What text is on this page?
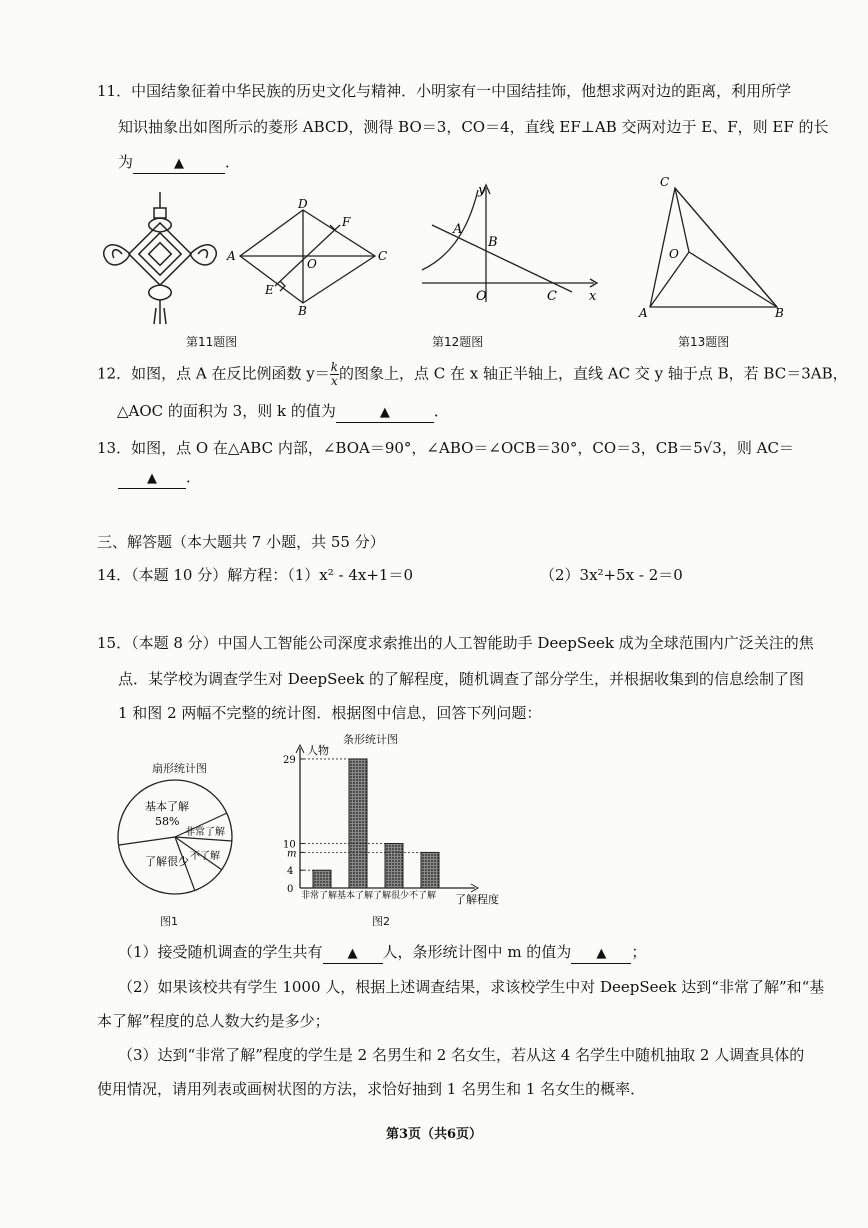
11．中国结象征着中华民族的历史文化与精神．小明家有一中国结挂饰，他想求两对边的距离，利用所学
知识抽象出如图所示的菱形 ABCD，测得 BO＝3，CO＝4，直线 EF⊥AB 交两对边于 E、F，则 EF 的长
为	▲	．
A
D
C
B
E
F
O
y
x
A
B
C
O
C
A	B
O
第11题图	第12题图	第13题图
12．如图，点 A 在反比例函数 $y= \frac{k}{x}$ 的图象上，点 C 在 x 轴正半轴上，直线 AC 交 y 轴于点 B，若 BC＝3AB，
△AOC 的面积为 3，则 k 的值为	▲	．
13．如图，点 O 在△ABC 内部，∠BOA＝90°，∠ABO＝∠OCB＝30°，CO＝3，CB＝5√3，则 AC＝
▲ ．
三、解答题（本大题共 7 小题，共 55 分）
14．（本题 10 分）解方程：（1）x² - 4x+1＝0	（2）3x²+5x - 2＝0
15．（本题 8 分）中国人工智能公司深度求索推出的人工智能助手 DeepSeek 成为全球范围内广泛关注的焦
点．某学校为调查学生对 DeepSeek 的了解程度，随机调查了部分学生，并根据收集到的信息绘制了图
1 和图 2 两幅不完整的统计图．根据图中信息，回答下列问题：
扇形统计图
基本了解
58%
非常了解
不了解
了解很少
图1
条形统计图
人物
了解程度
29
10
m
4
0
非常了解 基本了解 了解很少 不了解
图2
（1）接受随机调查的学生共有 ▲ 人，条形统计图中 m 的值为 ▲ ；
（2）如果该校共有学生 1000 人，根据上述调查结果，求该校学生中对 DeepSeek 达到“非常了解”和“基
本了解”程度的总人数大约是多少；
（3）达到“非常了解”程度的学生是 2 名男生和 2 名女生，若从这 4 名学生中随机抽取 2 人调查具体的
使用情况，请用列表或画树状图的方法，求恰好抽到 1 名男生和 1 名女生的概率．
第3页（共6页）
